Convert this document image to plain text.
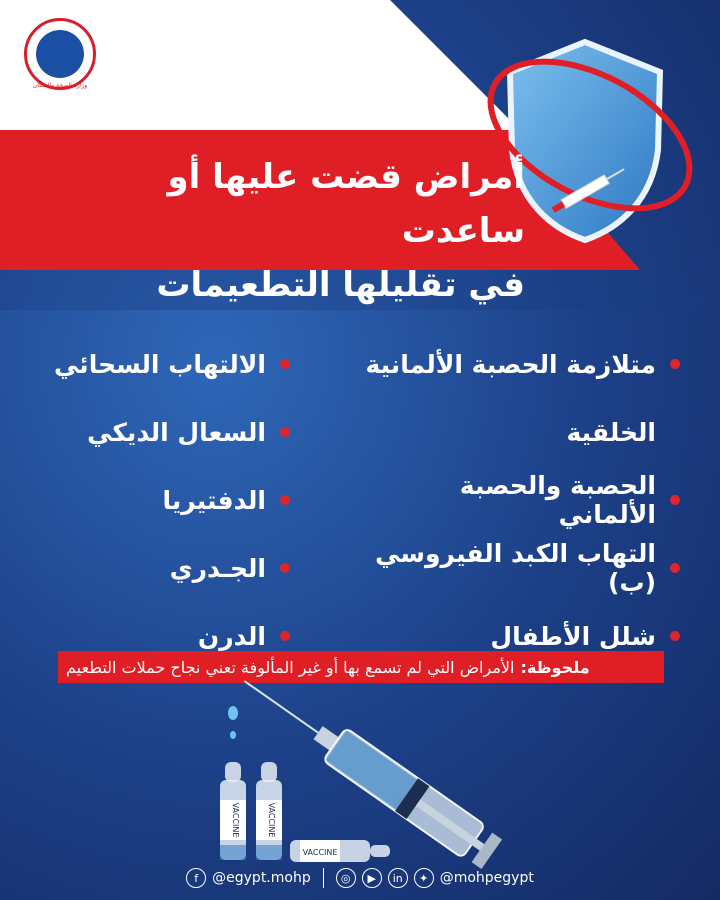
وزارة الصحة والسكان
أمراض قضت عليها أو ساعدت
في تقليلها التطعيمات
متلازمة الحصبة الألمانية
الخلقية
الحصبة والحصبة الألماني
التهاب الكبد الفيروسي (ب)
شلل الأطفال
الالتهاب السحائي
السعال الديكي
الدفتيريا
الجـدري
الدرن
ملحوظة:
الأمراض التي لم تسمع بها أو غير المألوفة تعني نجاح حملات التطعيم
VACCINE	VACCINE
VACCINE
f	@egypt.mohp	◎	▶	in	✦ @mohpegypt
